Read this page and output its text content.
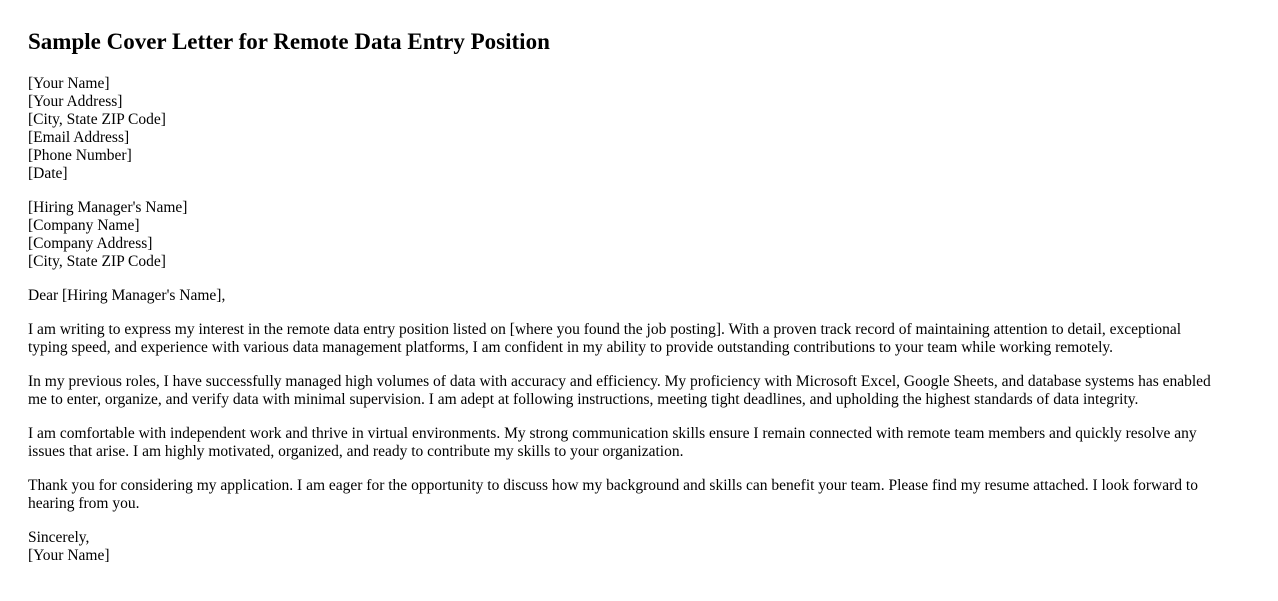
Sample Cover Letter for Remote Data Entry Position
[Your Name]
[Your Address]
[City, State ZIP Code]
[Email Address]
[Phone Number]
[Date]
[Hiring Manager's Name]
[Company Name]
[Company Address]
[City, State ZIP Code]
Dear [Hiring Manager's Name],
I am writing to express my interest in the remote data entry position listed on [where you found the job posting]. With a proven track record of maintaining attention to detail, exceptional
typing speed, and experience with various data management platforms, I am confident in my ability to provide outstanding contributions to your team while working remotely.
In my previous roles, I have successfully managed high volumes of data with accuracy and efficiency. My proficiency with Microsoft Excel, Google Sheets, and database systems has enabled
me to enter, organize, and verify data with minimal supervision. I am adept at following instructions, meeting tight deadlines, and upholding the highest standards of data integrity.
I am comfortable with independent work and thrive in virtual environments. My strong communication skills ensure I remain connected with remote team members and quickly resolve any
issues that arise. I am highly motivated, organized, and ready to contribute my skills to your organization.
Thank you for considering my application. I am eager for the opportunity to discuss how my background and skills can benefit your team. Please find my resume attached. I look forward to
hearing from you.
Sincerely,
[Your Name]
